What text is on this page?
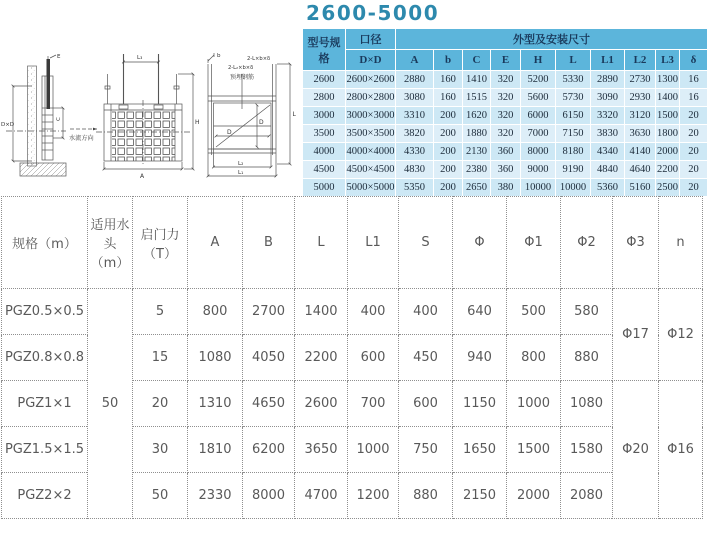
D×D
E
C
水流方向
L₃
H
A
b	2-L×b×δ
2-L₂×b×δ
预埋钢筋
D
D
L
L₂
L₁
2600-5000
型号规格	口径	外型及安装尺寸									
	D×D	A	b	C	E	H	L	L1	L2	L3	δ
2600	2600×2600	2880	160	1410	320	5200	5330	2890	2730	1300	16
2800	2800×2800	3080	160	1515	320	5600	5730	3090	2930	1400	16
3000	3000×3000	3310	200	1620	320	6000	6150	3320	3120	1500	20
3500	3500×3500	3820	200	1880	320	7000	7150	3830	3630	1800	20
4000	4000×4000	4330	200	2130	360	8000	8180	4340	4140	2000	20
4500	4500×4500	4830	200	2380	360	9000	9190	4840	4640	2200	20
5000	5000×5000	5350	200	2650	380	10000	10000	5360	5160	2500	20
规格（m）	适用水头（m）	启门力（T）	A	B	L	L1	S	Φ	Φ1	Φ2	Φ3	n
PGZ0.5×0.5	50	5	800	2700	1400	400	400	640	500	580	Φ17	Φ12
PGZ0.8×0.8		15	1080	4050	2200	600	450	940	800	880		
PGZ1×1		20	1310	4650	2600	700	600	1150	1000	1080	Φ20	Φ16
PGZ1.5×1.5		30	1810	6200	3650	1000	750	1650	1500	1580		
PGZ2×2		50	2330	8000	4700	1200	880	2150	2000	2080		
